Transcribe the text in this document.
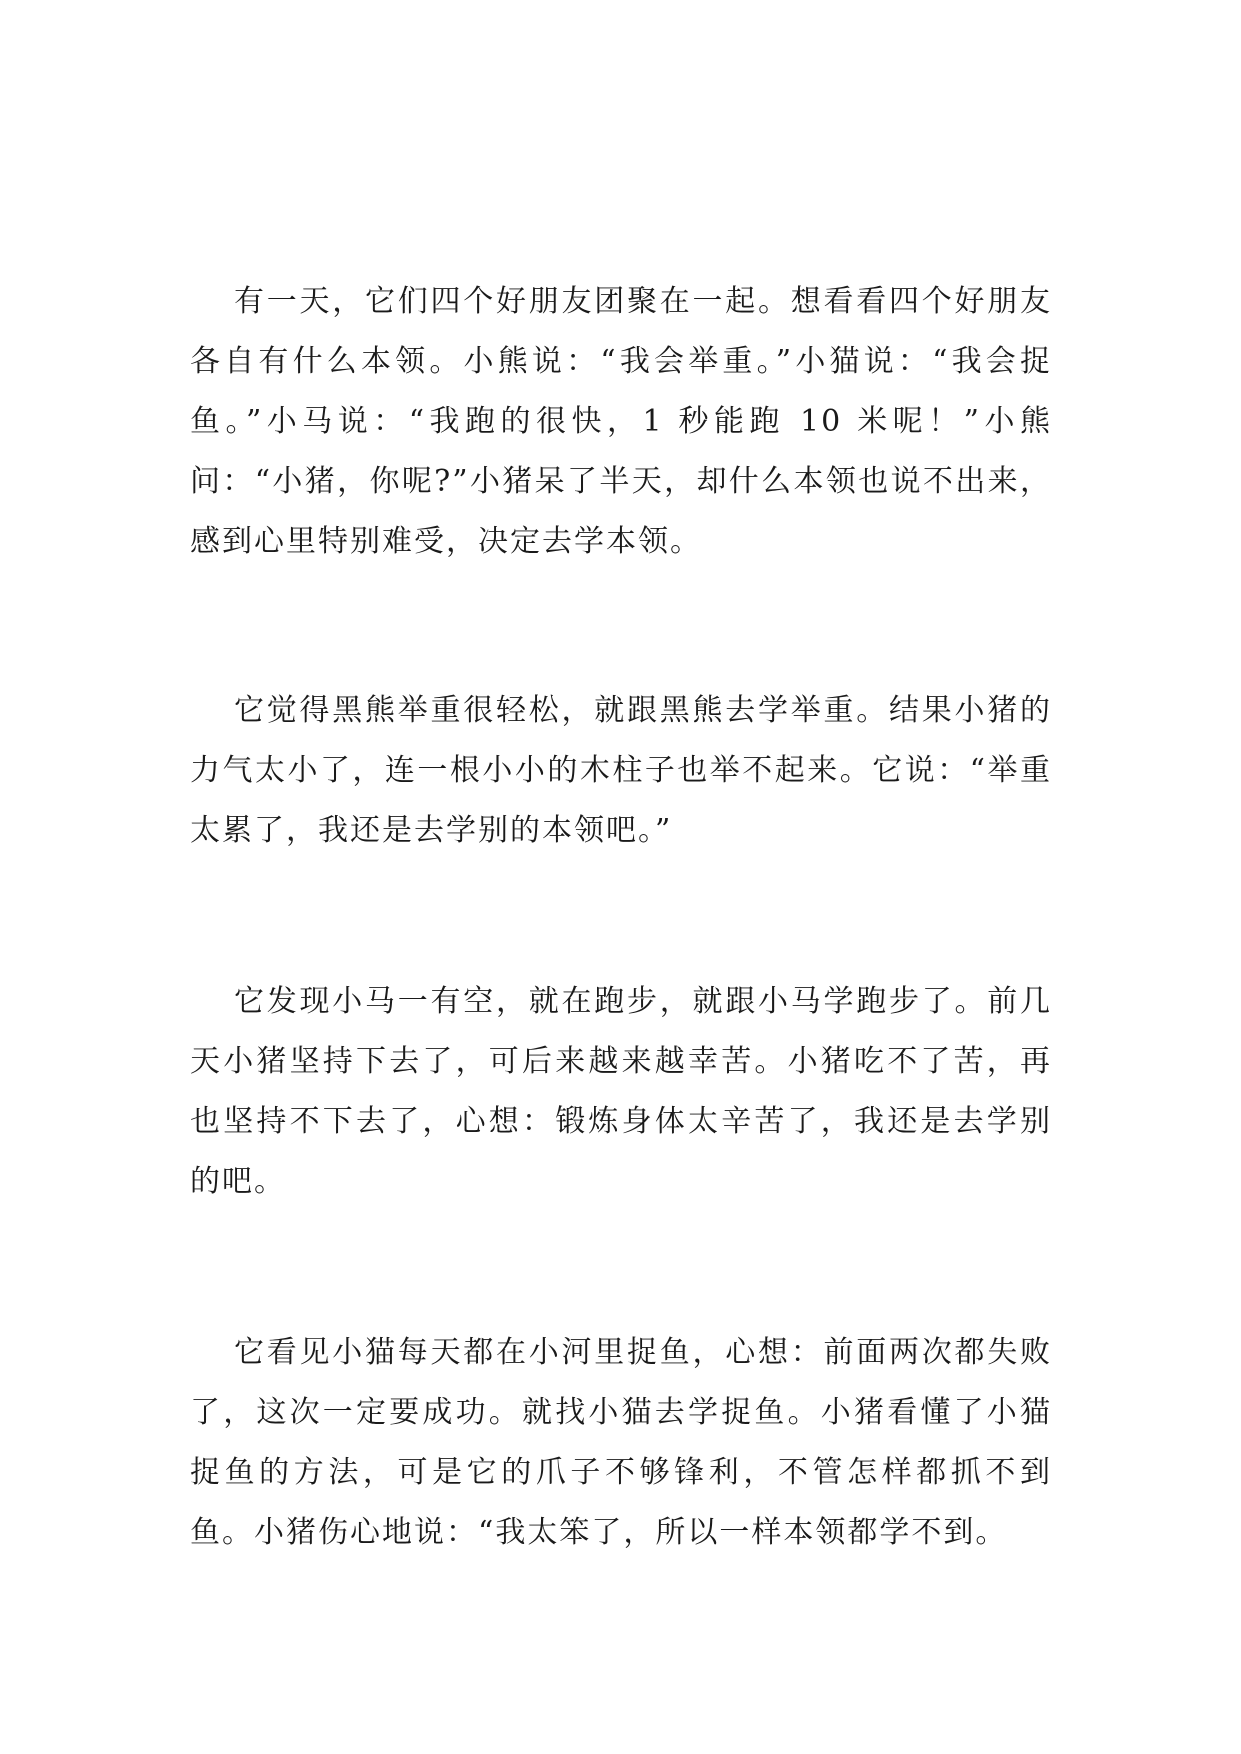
有一天，它们四个好朋友团聚在一起。想看看四个好朋友各自有什么本领。小熊说：“我会举重。”小猫说：“我会捉鱼。”小马说：“我跑的很快，1 秒能跑 10 米呢！”小熊问：“小猪，你呢?”小猪呆了半天，却什么本领也说不出来，感到心里特别难受，决定去学本领。

它觉得黑熊举重很轻松，就跟黑熊去学举重。结果小猪的力气太小了，连一根小小的木柱子也举不起来。它说：“举重太累了，我还是去学别的本领吧。”

它发现小马一有空，就在跑步，就跟小马学跑步了。前几天小猪坚持下去了，可后来越来越幸苦。小猪吃不了苦，再也坚持不下去了，心想：锻炼身体太辛苦了，我还是去学别的吧。

它看见小猫每天都在小河里捉鱼，心想：前面两次都失败了，这次一定要成功。就找小猫去学捉鱼。小猪看懂了小猫捉鱼的方法，可是它的爪子不够锋利，不管怎样都抓不到鱼。小猪伤心地说：“我太笨了，所以一样本领都学不到。
